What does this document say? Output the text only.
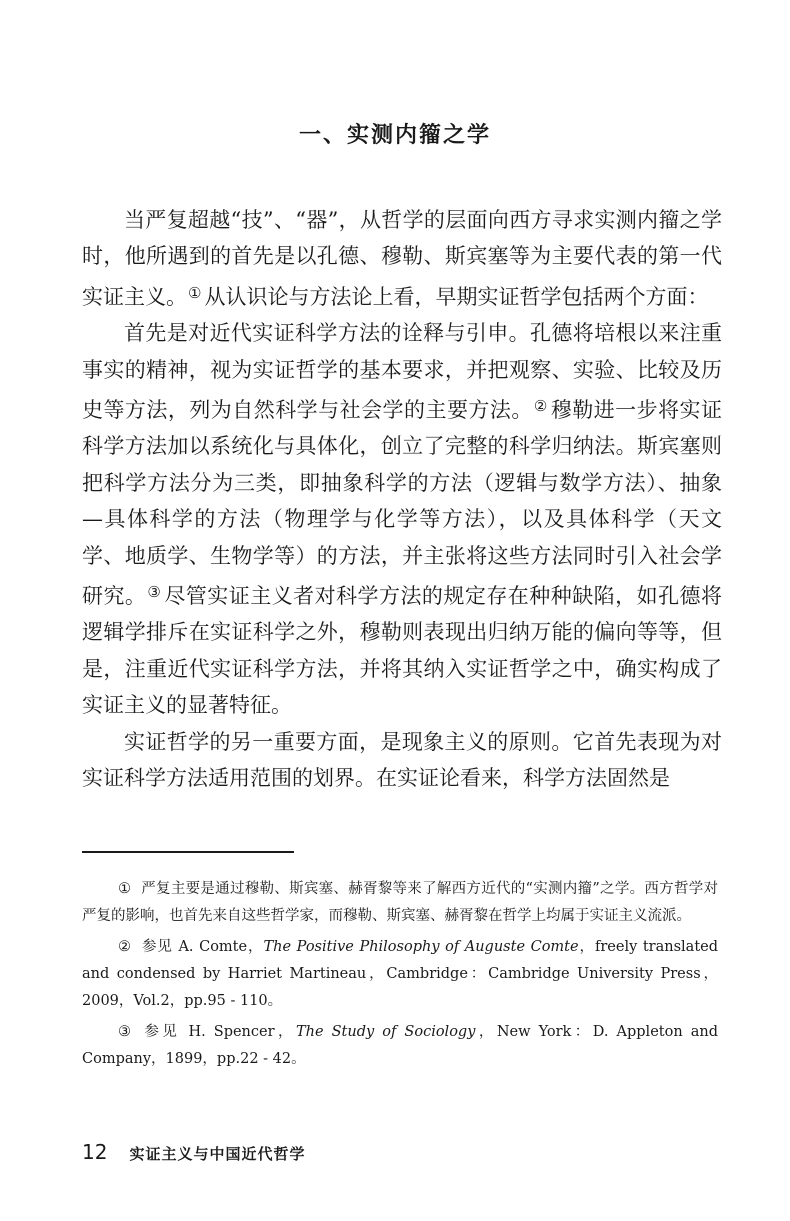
一、实测内籀之学

当严复超越“技”、“器”，从哲学的层面向西方寻求实测内籀之学时，他所遇到的首先是以孔德、穆勒、斯宾塞等为主要代表的第一代实证主义。① 从认识论与方法论上看，早期实证哲学包括两个方面：

首先是对近代实证科学方法的诠释与引申。孔德将培根以来注重事实的精神，视为实证哲学的基本要求，并把观察、实验、比较及历史等方法，列为自然科学与社会学的主要方法。② 穆勒进一步将实证科学方法加以系统化与具体化，创立了完整的科学归纳法。斯宾塞则把科学方法分为三类，即抽象科学的方法（逻辑与数学方法）、抽象—具体科学的方法（物理学与化学等方法），以及具体科学（天文学、地质学、生物学等）的方法，并主张将这些方法同时引入社会学研究。③ 尽管实证主义者对科学方法的规定存在种种缺陷，如孔德将逻辑学排斥在实证科学之外，穆勒则表现出归纳万能的偏向等等，但是，注重近代实证科学方法，并将其纳入实证哲学之中，确实构成了实证主义的显著特征。

实证哲学的另一重要方面，是现象主义的原则。它首先表现为对实证科学方法适用范围的划界。在实证论看来，科学方法固然是

① 严复主要是通过穆勒、斯宾塞、赫胥黎等来了解西方近代的“实测内籀”之学。西方哲学对严复的影响，也首先来自这些哲学家，而穆勒、斯宾塞、赫胥黎在哲学上均属于实证主义流派。

② 参见 A. Comte，The Positive Philosophy of Auguste Comte，freely translated and condensed by Harriet Martineau，Cambridge：Cambridge University Press，2009，Vol.2，pp.95 - 110。

③ 参见 H. Spencer，The Study of Sociology，New York：D. Appleton and Company，1899，pp.22 - 42。

12 实证主义与中国近代哲学
